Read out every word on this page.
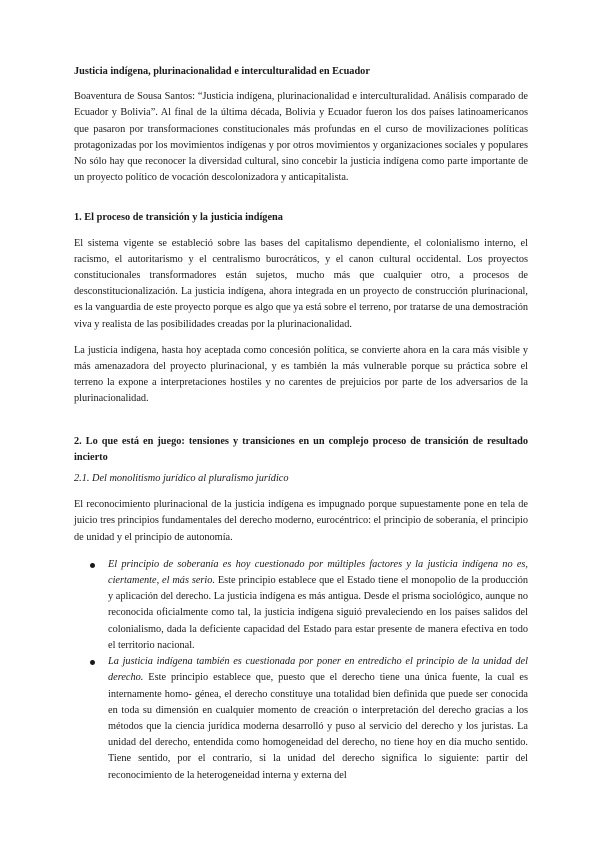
Justicia indígena, plurinacionalidad e interculturalidad en Ecuador

Boaventura de Sousa Santos: “Justicia indígena, plurinacionalidad e interculturalidad. Análisis comparado de Ecuador y Bolivia”. Al final de la última década, Bolivia y Ecuador fueron los dos países latinoamericanos que pasaron por transformaciones constitucionales más profundas en el curso de movilizaciones políticas protagonizadas por los movimientos indígenas y por otros movimientos y organizaciones sociales y populares No sólo hay que reconocer la diversidad cultural, sino concebir la justicia indígena como parte importante de un proyecto político de vocación descolonizadora y anticapitalista.

1. El proceso de transición y la justicia indígena

El sistema vigente se estableció sobre las bases del capitalismo dependiente, el colonialismo interno, el racismo, el autoritarismo y el centralismo burocráticos, y el canon cultural occidental. Los proyectos constitucionales transformadores están sujetos, mucho más que cualquier otro, a procesos de desconstitucionalización. La justicia indígena, ahora integrada en un proyecto de construcción plurinacional, es la vanguardia de este proyecto porque es algo que ya está sobre el terreno, por tratarse de una demostración viva y realista de las posibilidades creadas por la plurinacionalidad.

La justicia indígena, hasta hoy aceptada como concesión política, se convierte ahora en la cara más visible y más amenazadora del proyecto plurinacional, y es también la más vulnerable porque su práctica sobre el terreno la expone a interpretaciones hostiles y no carentes de prejuicios por parte de los adversarios de la plurinacionalidad.

2. Lo que está en juego: tensiones y transiciones en un complejo proceso de transición de resultado incierto

2.1. Del monolitismo jurídico al pluralismo jurídico

El reconocimiento plurinacional de la justicia indígena es impugnado porque supuestamente pone en tela de juicio tres principios fundamentales del derecho moderno, eurocéntrico: el principio de soberanía, el principio de unidad y el principio de autonomía.

El principio de soberanía es hoy cuestionado por múltiples factores y la justicia indígena no es, ciertamente, el más serio. Este principio establece que el Estado tiene el monopolio de la producción y aplicación del derecho. La justicia indígena es más antigua. Desde el prisma sociológico, aunque no reconocida oficialmente como tal, la justicia indígena siguió prevaleciendo en los países salidos del colonialismo, dada la deficiente capacidad del Estado para estar presente de manera efectiva en todo el territorio nacional.

La justicia indígena también es cuestionada por poner en entredicho el principio de la unidad del derecho. Este principio establece que, puesto que el derecho tiene una única fuente, la cual es internamente homo- génea, el derecho constituye una totalidad bien definida que puede ser conocida en toda su dimensión en cualquier momento de creación o interpretación del derecho gracias a los métodos que la ciencia jurídica moderna desarrolló y puso al servicio del derecho y los juristas. La unidad del derecho, entendida como homogeneidad del derecho, no tiene hoy en día mucho sentido. Tiene sentido, por el contrario, si la unidad del derecho significa lo siguiente: partir del reconocimiento de la heterogeneidad interna y externa del
